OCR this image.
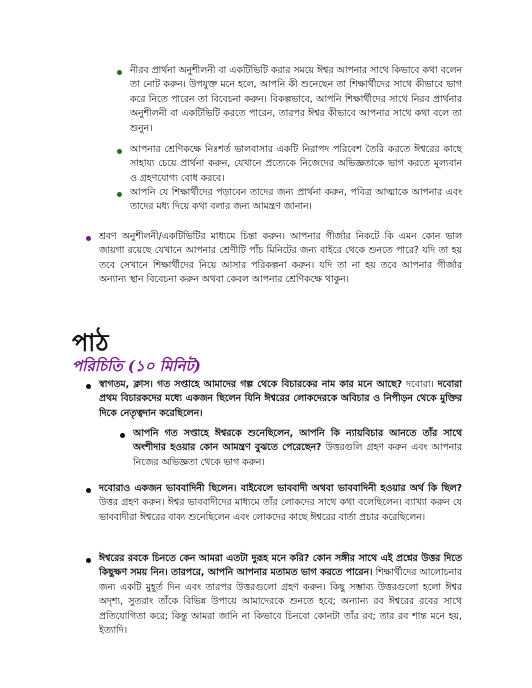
নীরব প্রার্থনা অনুশীলনী বা একটিভিটি করার সময়ে ঈশ্বর আপনার সাথে কিভাবে কথা বলেন তা নোট করুন। উপযুক্ত মনে হলে, আপনি কী শুনেছেন তা শিক্ষার্থীদের সাথে কীভাবে ভাগ করে নিতে পারেন তা বিবেচনা করুন। বিকল্পভাবে, আপনি শিক্ষার্থীদের সাথে নিরব প্রার্থনার অনুশীলনী বা একটিভিটি করতে পারেন, তারপর ঈশ্বর কীভাবে আপনার সাথে কথা বলে তা শুনুন।

আপনার শ্রেণিকক্ষে নিঃশর্ত ভালবাসার একটি নিরাপদ পরিবেশ তৈরি করতে ঈশ্বরের কাছে সাহায্য চেয়ে প্রার্থনা করুন, যেখানে প্রত্যেকে নিজেদের অভিজ্ঞতাকে ভাগ করতে মূল্যবান ও গ্রহণযোগ্য বোধ করবে।

আপনি যে শিক্ষার্থীদের পড়াবেন তাদের জন্য প্রার্থনা করুন, পবিত্র আত্মাকে আপনার এবং তাদের মধ্য দিয়ে কথা বলার জন্য আমন্ত্রণ জানান।

শ্রবণ অনুশীলনী/একটিভিটির মাধ্যমে চিন্তা করুন। আপনার গীর্জার নিকটে কি এমন কোন ভাল জায়গা রয়েছে যেখানে আপনার শ্রেণীটি পাঁচ মিনিটের জন্য বাইরে থেকে শুনতে পারে? যদি তা হয় তবে সেখানে শিক্ষার্থীদের নিয়ে আসার পরিকল্পনা করুন। যদি তা না হয় তবে আপনার গীর্জার অন্যান্য স্থান বিবেচনা করুন অথবা কেবল আপনার শ্রেণিকক্ষে থাকুন।

পাঠ
পরিচিতি (১০ মিনিট)

স্বাগতম, ক্লাস। গত সপ্তাহে আমাদের গল্প থেকে বিচারকের নাম কার মনে আছে? দবোরা। দবোরা প্রথম বিচারকদের মধ্যে একজন ছিলেন যিনি ঈশ্বরের লোকদেরকে অবিচার ও নিপীড়ন থেকে মুক্তির দিকে নেতৃত্বদান করেছিলেন।

আপনি গত সপ্তাহে ঈশ্বরকে শুনেছিলেন, আপনি কি ন্যায়বিচার আনতে তাঁর সাথে অংশীদার হওয়ার কোন আমন্ত্রণ বুঝতে পেরেছেন? উত্তরগুলি গ্রহণ করুন এবং আপনার নিজের অভিজ্ঞতা থেকে ভাগ করুন।

দবোরাও একজন ভাববাদিনী ছিলেন। বাইবেলে ভাববাদী অথবা ভাববাদিনী হওয়ার অর্থ কি ছিল? উত্তর গ্রহণ করুন। ঈশ্বর ভাববাদীদের মাধ্যমে তাঁর লোকদের সাথে কথা বলেছিলেন। ব্যাখ্যা করুন যে ভাববাদীরা ঈশ্বরের বাক্য শুনেছিলেন এবং লোকদের কাছে ঈশ্বরের বার্তা প্রচার করেছিলেন।

ঈশ্বরের রবকে চিনতে কেন আমরা এতটা দুরূহ মনে করি? কোন সঙ্গীর সাথে এই প্রশ্নের উত্তর দিতে কিছুক্ষণ সময় নিন। তারপরে, আপনি আপনার মতামত ভাগ করতে পারেন। শিক্ষার্থীদের আলোচনার জন্য একটি মুহূর্ত দিন এবং তারপর উত্তরগুলো গ্রহণ করুন। কিছু সম্ভাব্য উত্তরগুলো হলো ঈশ্বর অদৃশ্য, সুতরাং তাঁকে বিভিন্ন উপায়ে আমাদেরকে শুনতে হবে; অন্যান্য রব ঈশ্বরের রবের সাথে প্রতিযোগিতা করে; কিন্তু আমরা জানি না কিভাবে চিনবো কোনটা তাঁর রব; তার রব শান্ত মনে হয়, ইত্যাদি।
